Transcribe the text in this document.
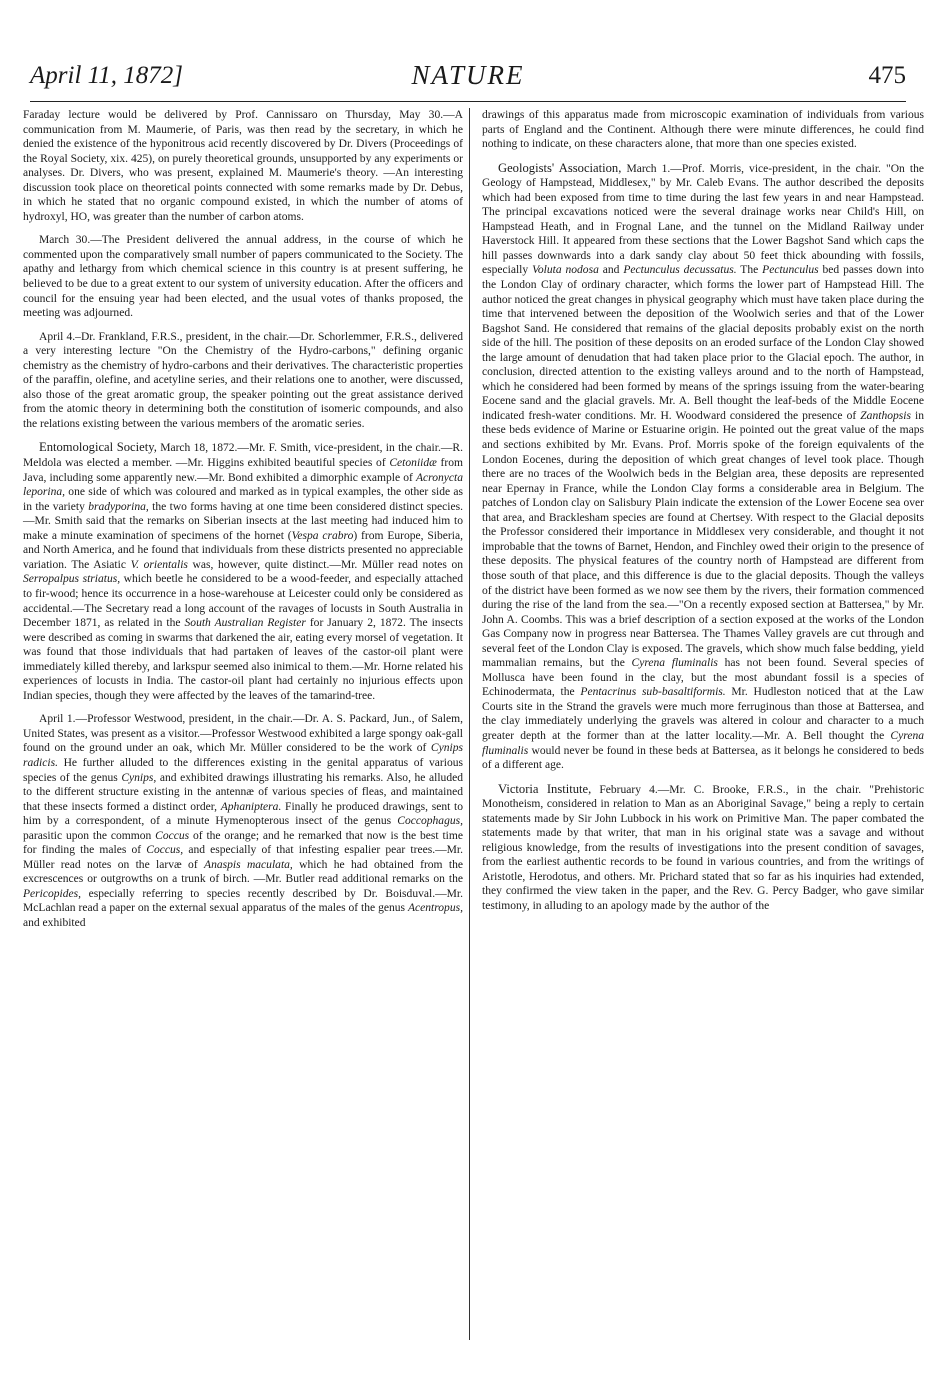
April 11, 1872]	NATURE	475

Faraday lecture would be delivered by Prof. Cannissaro on Thursday, May 30.—A communication from M. Maumerie, of Paris, was then read by the secretary, in which he denied the existence of the hyponitrous acid recently discovered by Dr. Divers (Proceedings of the Royal Society, xix. 425), on purely theoretical grounds, unsupported by any experiments or analyses. Dr. Divers, who was present, explained M. Maumerie's theory. —An interesting discussion took place on theoretical points connected with some remarks made by Dr. Debus, in which he stated that no organic compound existed, in which the number of atoms of hydroxyl, HO, was greater than the number of carbon atoms.

March 30.—The President delivered the annual address, in the course of which he commented upon the comparatively small number of papers communicated to the Society. The apathy and lethargy from which chemical science in this country is at present suffering, he believed to be due to a great extent to our system of university education. After the officers and council for the ensuing year had been elected, and the usual votes of thanks proposed, the meeting was adjourned.

April 4.–Dr. Frankland, F.R.S., president, in the chair.—Dr. Schorlemmer, F.R.S., delivered a very interesting lecture "On the Chemistry of the Hydro-carbons," defining organic chemistry as the chemistry of hydro-carbons and their derivatives. The characteristic properties of the paraffin, olefine, and acetyline series, and their relations one to another, were discussed, also those of the great aromatic group, the speaker pointing out the great assistance derived from the atomic theory in determining both the constitution of isomeric compounds, and also the relations existing between the various members of the aromatic series.

Entomological Society, March 18, 1872.—Mr. F. Smith, vice-president, in the chair.—R. Meldola was elected a member. —Mr. Higgins exhibited beautiful species of Cetoniidæ from Java, including some apparently new.—Mr. Bond exhibited a dimorphic example of Acronycta leporina, one side of which was coloured and marked as in typical examples, the other side as in the variety bradyporina, the two forms having at one time been considered distinct species.—Mr. Smith said that the remarks on Siberian insects at the last meeting had induced him to make a minute examination of specimens of the hornet (Vespa crabro) from Europe, Siberia, and North America, and he found that individuals from these districts presented no appreciable variation. The Asiatic V. orientalis was, however, quite distinct.—Mr. Müller read notes on Serropalpus striatus, which beetle he considered to be a wood-feeder, and especially attached to fir-wood; hence its occurrence in a hose-warehouse at Leicester could only be considered as accidental.—The Secretary read a long account of the ravages of locusts in South Australia in December 1871, as related in the South Australian Register for January 2, 1872. The insects were described as coming in swarms that darkened the air, eating every morsel of vegetation. It was found that those individuals that had partaken of leaves of the castor-oil plant were immediately killed thereby, and larkspur seemed also inimical to them.—Mr. Horne related his experiences of locusts in India. The castor-oil plant had certainly no injurious effects upon Indian species, though they were affected by the leaves of the tamarind-tree.

April 1.—Professor Westwood, president, in the chair.—Dr. A. S. Packard, Jun., of Salem, United States, was present as a visitor.—Professor Westwood exhibited a large spongy oak-gall found on the ground under an oak, which Mr. Müller considered to be the work of Cynips radicis. He further alluded to the differences existing in the genital apparatus of various species of the genus Cynips, and exhibited drawings illustrating his remarks. Also, he alluded to the different structure existing in the antennæ of various species of fleas, and maintained that these insects formed a distinct order, Aphaniptera. Finally he produced drawings, sent to him by a correspondent, of a minute Hymenopterous insect of the genus Coccophagus, parasitic upon the common Coccus of the orange; and he remarked that now is the best time for finding the males of Coccus, and especially of that infesting espalier pear trees.—Mr. Müller read notes on the larvæ of Anaspis maculata, which he had obtained from the excrescences or outgrowths on a trunk of birch. —Mr. Butler read additional remarks on the Pericopides, especially referring to species recently described by Dr. Boisduval.—Mr. McLachlan read a paper on the external sexual apparatus of the males of the genus Acentropus, and exhibited

drawings of this apparatus made from microscopic examination of individuals from various parts of England and the Continent. Although there were minute differences, he could find nothing to indicate, on these characters alone, that more than one species existed.

Geologists' Association, March 1.—Prof. Morris, vice-president, in the chair. "On the Geology of Hampstead, Middlesex," by Mr. Caleb Evans. The author described the deposits which had been exposed from time to time during the last few years in and near Hampstead. The principal excavations noticed were the several drainage works near Child's Hill, on Hampstead Heath, and in Frognal Lane, and the tunnel on the Midland Railway under Haverstock Hill. It appeared from these sections that the Lower Bagshot Sand which caps the hill passes downwards into a dark sandy clay about 50 feet thick abounding with fossils, especially Voluta nodosa and Pectunculus decussatus. The Pectunculus bed passes down into the London Clay of ordinary character, which forms the lower part of Hampstead Hill. The author noticed the great changes in physical geography which must have taken place during the time that intervened between the deposition of the Woolwich series and that of the Lower Bagshot Sand. He considered that remains of the glacial deposits probably exist on the north side of the hill. The position of these deposits on an eroded surface of the London Clay showed the large amount of denudation that had taken place prior to the Glacial epoch. The author, in conclusion, directed attention to the existing valleys around and to the north of Hampstead, which he considered had been formed by means of the springs issuing from the water-bearing Eocene sand and the glacial gravels. Mr. A. Bell thought the leaf-beds of the Middle Eocene indicated fresh-water conditions. Mr. H. Woodward considered the presence of Zanthopsis in these beds evidence of Marine or Estuarine origin. He pointed out the great value of the maps and sections exhibited by Mr. Evans. Prof. Morris spoke of the foreign equivalents of the London Eocenes, during the deposition of which great changes of level took place. Though there are no traces of the Woolwich beds in the Belgian area, these deposits are represented near Epernay in France, while the London Clay forms a considerable area in Belgium. The patches of London clay on Salisbury Plain indicate the extension of the Lower Eocene sea over that area, and Bracklesham species are found at Chertsey. With respect to the Glacial deposits the Professor considered their importance in Middlesex very considerable, and thought it not improbable that the towns of Barnet, Hendon, and Finchley owed their origin to the presence of these deposits. The physical features of the country north of Hampstead are different from those south of that place, and this difference is due to the glacial deposits. Though the valleys of the district have been formed as we now see them by the rivers, their formation commenced during the rise of the land from the sea.—"On a recently exposed section at Battersea," by Mr. John A. Coombs. This was a brief description of a section exposed at the works of the London Gas Company now in progress near Battersea. The Thames Valley gravels are cut through and several feet of the London Clay is exposed. The gravels, which show much false bedding, yield mammalian remains, but the Cyrena fluminalis has not been found. Several species of Mollusca have been found in the clay, but the most abundant fossil is a species of Echinodermata, the Pentacrinus sub-basaltiformis. Mr. Hudleston noticed that at the Law Courts site in the Strand the gravels were much more ferruginous than those at Battersea, and the clay immediately underlying the gravels was altered in colour and character to a much greater depth at the former than at the latter locality.—Mr. A. Bell thought the Cyrena fluminalis would never be found in these beds at Battersea, as it belongs he considered to beds of a different age.

Victoria Institute, February 4.—Mr. C. Brooke, F.R.S., in the chair. "Prehistoric Monotheism, considered in relation to Man as an Aboriginal Savage," being a reply to certain statements made by Sir John Lubbock in his work on Primitive Man. The paper combated the statements made by that writer, that man in his original state was a savage and without religious knowledge, from the results of investigations into the present condition of savages, from the earliest authentic records to be found in various countries, and from the writings of Aristotle, Herodotus, and others. Mr. Prichard stated that so far as his inquiries had extended, they confirmed the view taken in the paper, and the Rev. G. Percy Badger, who gave similar testimony, in alluding to an apology made by the author of the
